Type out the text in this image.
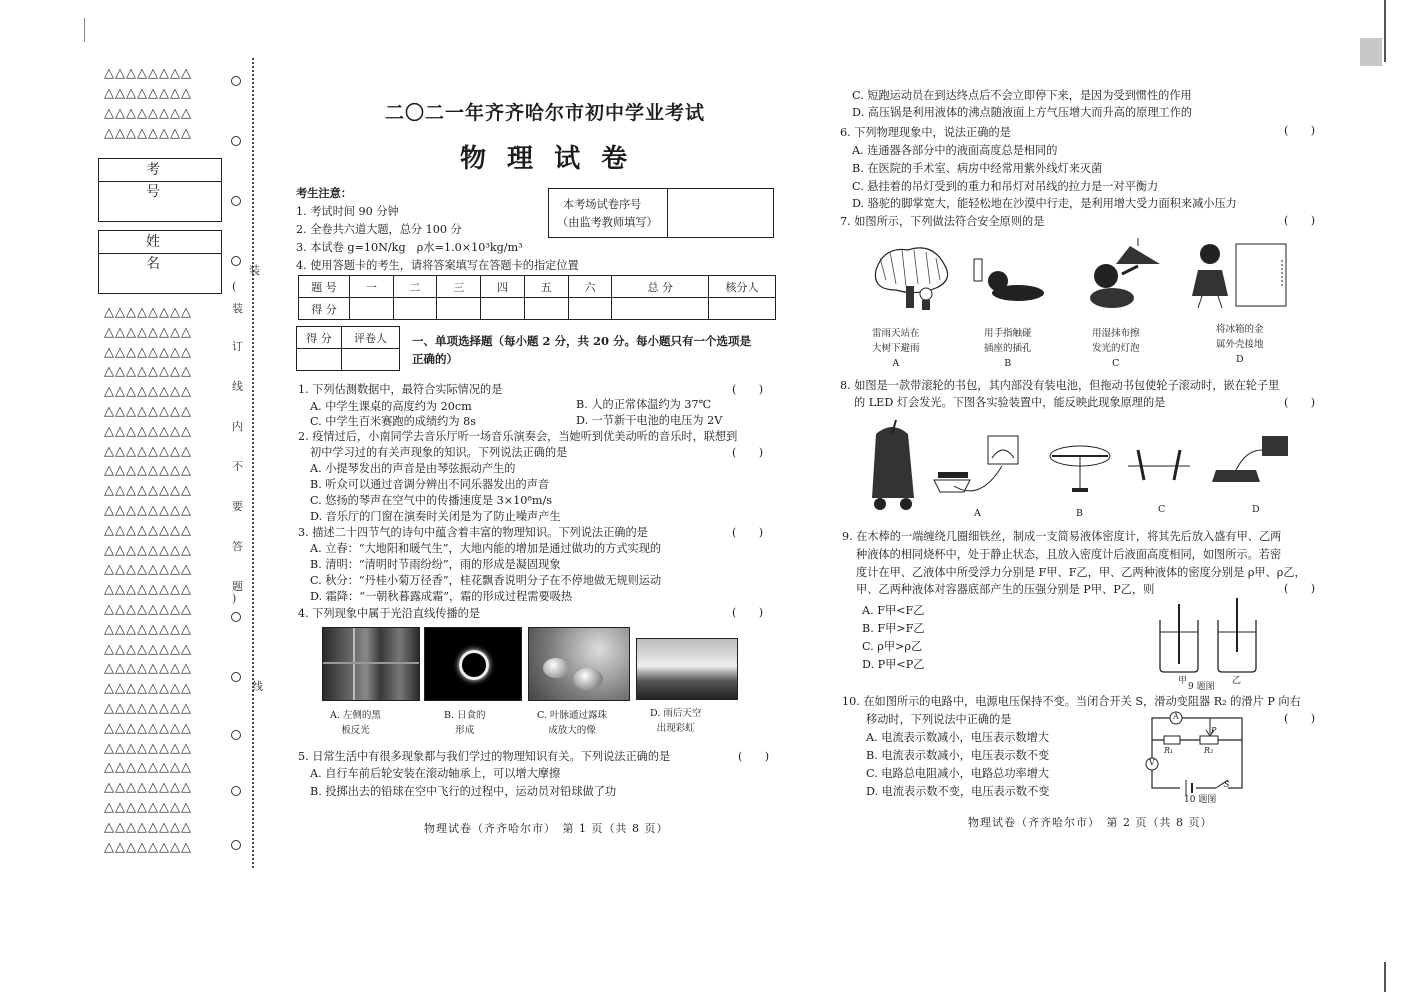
△△△△△△△△
△△△△△△△△
△△△△△△△△
△△△△△△△△
考　号
姓　名
△△△△△△△△
△△△△△△△△
△△△△△△△△
△△△△△△△△
△△△△△△△△
△△△△△△△△
△△△△△△△△
△△△△△△△△
△△△△△△△△
△△△△△△△△
△△△△△△△△
△△△△△△△△
△△△△△△△△
△△△△△△△△
△△△△△△△△
△△△△△△△△
△△△△△△△△
△△△△△△△△
△△△△△△△△
△△△△△△△△
△△△△△△△△
△△△△△△△△
△△△△△△△△
△△△△△△△△
△△△△△△△△
△△△△△△△△
△△△△△△△△
△△△△△△△△
装
(
装
订
线
内
不
要
答
题
)
线
二〇二一年齐齐哈尔市初中学业考试
物 理 试 卷
本考场试卷序号
（由监考教师填写）
考生注意：
1. 考试时间 90 分钟
2. 全卷共六道大题，总分 100 分
3. 本试卷 g=10N/kg　ρ水=1.0×10³kg/m³
4. 使用答题卡的考生，请将答案填写在答题卡的指定位置
题 号	一	二	三	四	五	六	总 分	核分人
得 分								
得 分	评卷人
	一、单项选择题（每小题 2 分，共 20 分。每小题只有一个选项是
正确的）
1. 下列估测数据中，最符合实际情况的是	(　　)
A. 中学生课桌的高度约为 20cm	B. 人的正常体温约为 37℃
C. 中学生百米赛跑的成绩约为 8s	D. 一节新干电池的电压为 2V
2. 疫情过后，小南同学去音乐厅听一场音乐演奏会，当她听到优美动听的音乐时，联想到
初中学习过的有关声现象的知识。下列说法正确的是	(　　)
A. 小提琴发出的声音是由琴弦振动产生的
B. 听众可以通过音调分辨出不同乐器发出的声音
C. 悠扬的琴声在空气中的传播速度是 3×10⁸m/s
D. 音乐厅的门窗在演奏时关闭是为了防止噪声产生
3. 描述二十四节气的诗句中蕴含着丰富的物理知识。下列说法正确的是	(　　)
A. 立春：“大地阳和暖气生”，大地内能的增加是通过做功的方式实现的
B. 清明：“清明时节雨纷纷”，雨的形成是凝固现象
C. 秋分：“丹桂小菊万径香”，桂花飘香说明分子在不停地做无规则运动
D. 霜降：“一朝秋暮露成霜”，霜的形成过程需要吸热
4. 下列现象中属于光沿直线传播的是	(　　)
A. 左侧的黑
板反光
B. 日食的
形成
C. 叶脉通过露珠
成放大的像
D. 雨后天空
出现彩虹
5. 日常生活中有很多现象都与我们学过的物理知识有关。下列说法正确的是	(　　)
A. 自行车前后轮安装在滚动轴承上，可以增大摩擦
B. 投掷出去的铅球在空中飞行的过程中，运动员对铅球做了功
物理试卷（齐齐哈尔市）　第 1 页（共 8 页）
C. 短跑运动员在到达终点后不会立即停下来，是因为受到惯性的作用
D. 高压锅是利用液体的沸点随液面上方气压增大而升高的原理工作的
6. 下列物理现象中，说法正确的是	(　　)
A. 连通器各部分中的液面高度总是相同的
B. 在医院的手术室、病房中经常用紫外线灯来灭菌
C. 悬挂着的吊灯受到的重力和吊灯对吊线的拉力是一对平衡力
D. 骆驼的脚掌宽大，能轻松地在沙漠中行走，是利用增大受力面积来减小压力
7. 如图所示，下列做法符合安全原则的是	(　　)
雷雨天站在
大树下避雨
A
用手指触碰
插座的插孔
B
用湿抹布擦
发光的灯泡
C
将冰箱的金
属外壳接地
D
8. 如图是一款带滚轮的书包，其内部没有装电池，但拖动书包使轮子滚动时，嵌在轮子里
的 LED 灯会发光。下图各实验装置中，能反映此现象原理的是	(　　)
A	B	C	D
9. 在木棒的一端缠绕几圈细铁丝，制成一支简易液体密度计，将其先后放入盛有甲、乙两
种液体的相同烧杯中，处于静止状态，且放入密度计后液面高度相同，如图所示。若密
度计在甲、乙液体中所受浮力分别是 F甲、F乙，甲、乙两种液体的密度分别是 ρ甲、ρ乙，
甲、乙两种液体对容器底部产生的压强分别是 P甲、P乙，则	(　　)
A. F甲<F乙
B. F甲>F乙
C. ρ甲>ρ乙
D. P甲<P乙
甲
9 题图
乙
10. 在如图所示的电路中，电源电压保持不变。当闭合开关 S，滑动变阻器 R₂ 的滑片 P 向右
移动时，下列说法中正确的是	(　　)
A. 电流表示数减小，电压表示数增大
B. 电流表示数减小，电压表示数不变
C. 电路总电阻减小，电路总功率增大
D. 电流表示数不变，电压表示数不变
A
V
P
R₁	R₂
S
10 题图
物理试卷（齐齐哈尔市）　第 2 页（共 8 页）
